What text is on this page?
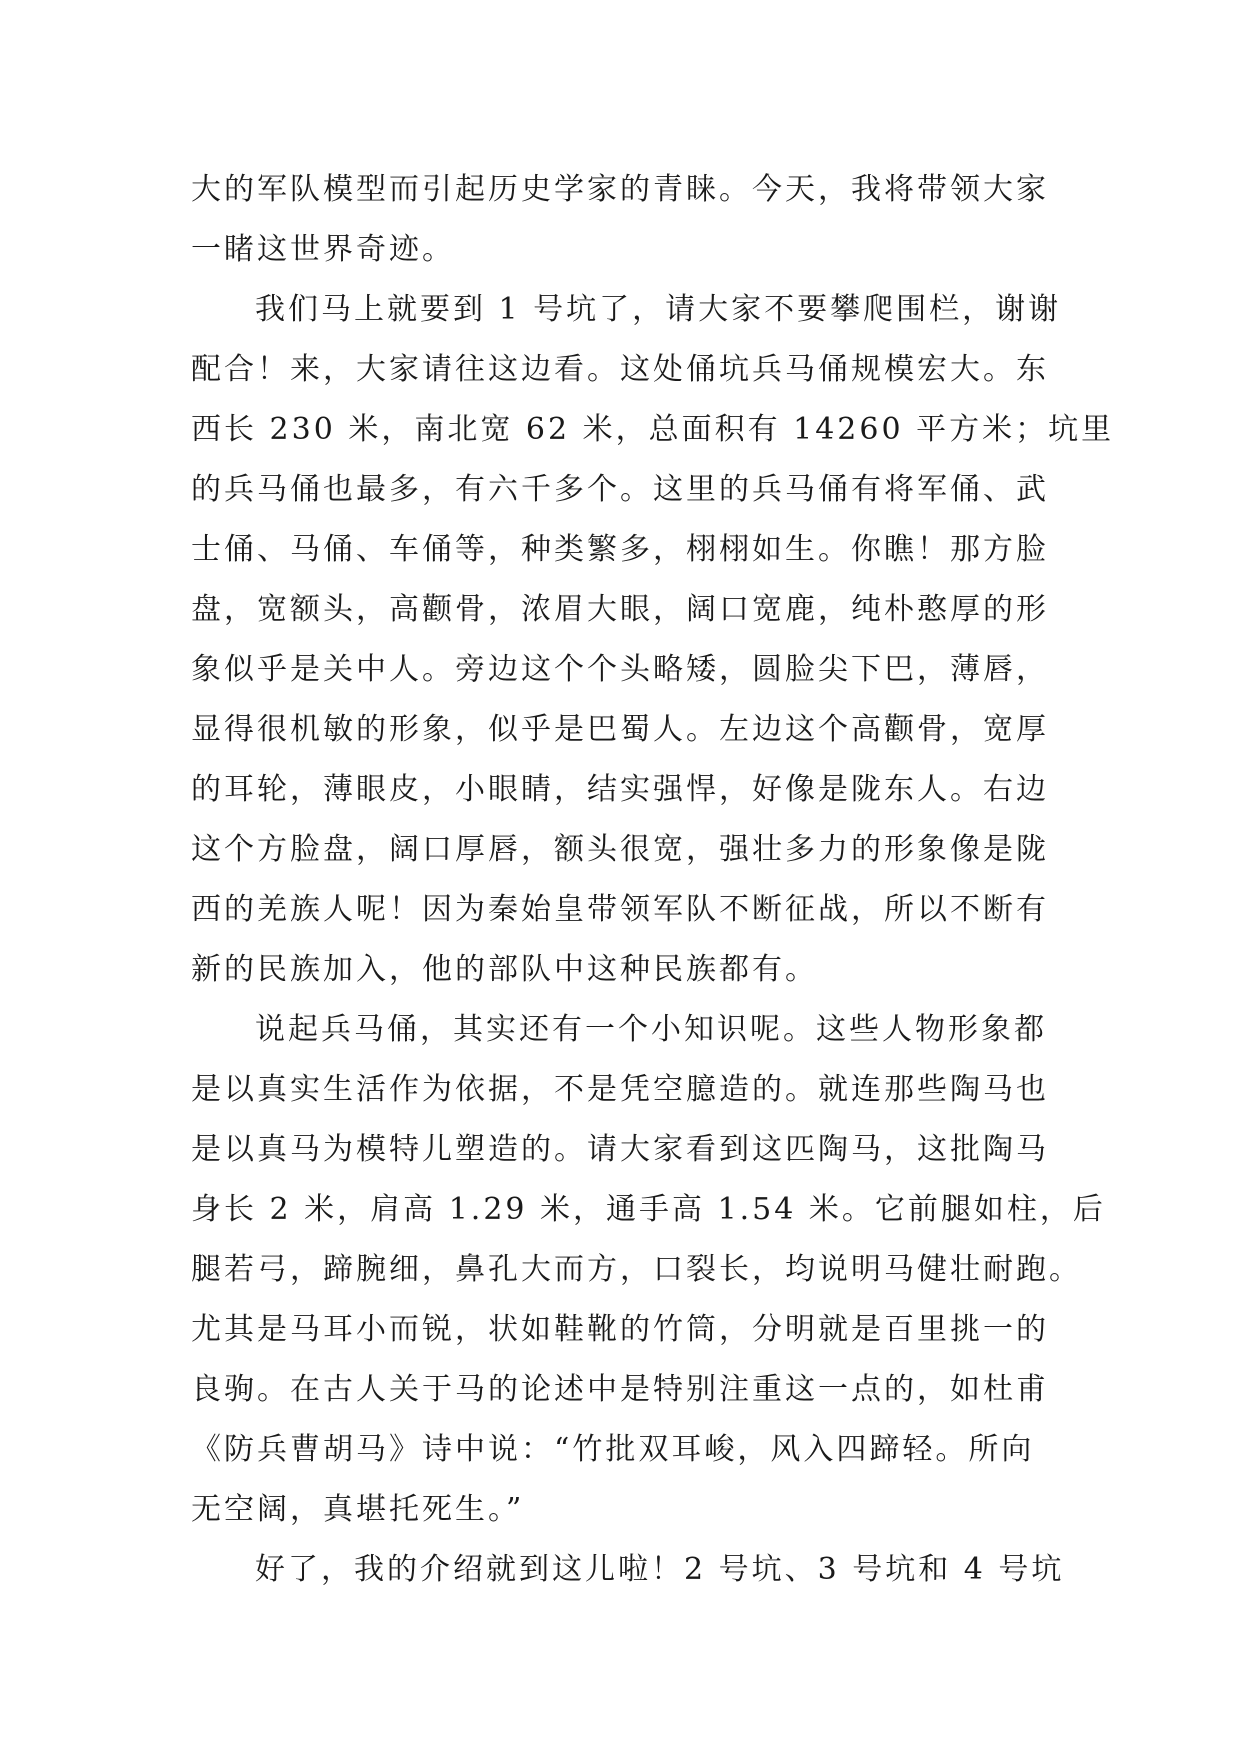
大的军队模型而引起历史学家的青睐。今天，我将带领大家
一睹这世界奇迹。
我们马上就要到 1 号坑了，请大家不要攀爬围栏，谢谢
配合！来，大家请往这边看。这处俑坑兵马俑规模宏大。东
西长 230 米，南北宽 62 米，总面积有 14260 平方米；坑里
的兵马俑也最多，有六千多个。这里的兵马俑有将军俑、武
士俑、马俑、车俑等，种类繁多，栩栩如生。你瞧！那方脸
盘，宽额头，高颧骨，浓眉大眼，阔口宽鹿，纯朴憨厚的形
象似乎是关中人。旁边这个个头略矮，圆脸尖下巴，薄唇，
显得很机敏的形象，似乎是巴蜀人。左边这个高颧骨，宽厚
的耳轮，薄眼皮，小眼睛，结实强悍，好像是陇东人。右边
这个方脸盘，阔口厚唇，额头很宽，强壮多力的形象像是陇
西的羌族人呢！因为秦始皇带领军队不断征战，所以不断有
新的民族加入，他的部队中这种民族都有。
说起兵马俑，其实还有一个小知识呢。这些人物形象都
是以真实生活作为依据，不是凭空臆造的。就连那些陶马也
是以真马为模特儿塑造的。请大家看到这匹陶马，这批陶马
身长 2 米，肩高 1.29 米，通手高 1.54 米。它前腿如柱，后
腿若弓，蹄腕细，鼻孔大而方，口裂长，均说明马健壮耐跑。
尤其是马耳小而锐，状如鞋靴的竹筒，分明就是百里挑一的
良驹。在古人关于马的论述中是特别注重这一点的，如杜甫
《防兵曹胡马》诗中说：“竹批双耳峻，风入四蹄轻。所向
无空阔，真堪托死生。”
好了，我的介绍就到这儿啦！2 号坑、3 号坑和 4 号坑
